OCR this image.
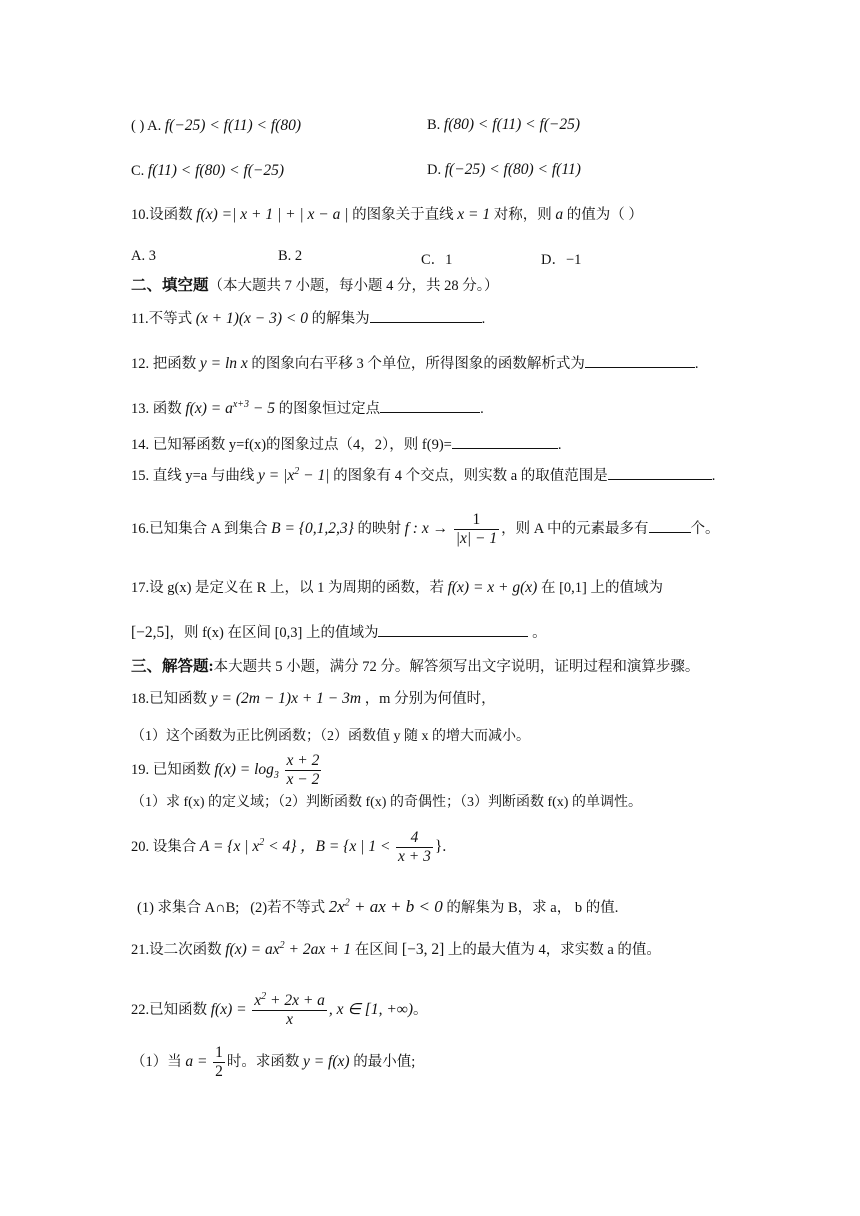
( ) A. f(−25) < f(11) < f(80)	B. f(80) < f(11) < f(−25)
C. f(11) < f(80) < f(−25)	D. f(−25) < f(80) < f(11)
10.设函数 f(x) =| x + 1 | + | x − a | 的图象关于直线 x = 1 对称，则 a 的值为（ ）
A. 3	B. 2	C．1	D．−1
二、填空题（本大题共 7 小题，每小题 4 分，共 28 分。）
11.不等式 (x + 1)(x − 3) < 0 的解集为	.
12. 把函数 y = ln x 的图象向右平移 3 个单位，所得图象的函数解析式为	.
13. 函数 $f(x) = a^{x+3} - 5$ 的图象恒过定点	.
14. 已知幂函数 y=f(x)的图象过点（4，2），则 f(9)=	.
15. 直线 y=a 与曲线 $y = |x^2 - 1|$ 的图象有 4 个交点，则实数 a 的取值范围是	.
16.已知集合 A 到集合 B = {0,1,2,3} 的映射 f : $x \to \frac{1}{|x| - 1}$ ，则 A 中的元素最多有	个。
17.设 g(x) 是定义在 R 上，以 1 为周期的函数，若 f(x) = x + g(x) 在 [0,1] 上的值域为
[−2,5]，则 f(x) 在区间 [0,3] 上的值域为	。
三、解答题:本大题共 5 小题，满分 72 分。解答须写出文字说明，证明过程和演算步骤。
18.已知函数 y = (2m − 1)x + 1 − 3m ，m 分别为何值时，
（1）这个函数为正比例函数；（2）函数值 y 随 x 的增大而减小。
19. 已知函数 $f(x) = \log_3 \frac{x + 2}{x - 2}$
（1）求 f(x) 的定义域；（2）判断函数 f(x) 的奇偶性；（3）判断函数 f(x) 的单调性。
20. 设集合 A = {x | $x^2 < 4$} ，B = {x | $1 < \frac{4}{x + 3}$ }.
(1) 求集合 A∩B; (2)若不等式 $2x^2$ + ax + b < 0 的解集为 B，求 a， b 的值.
21.设二次函数 $f(x) = ax^2 + 2ax + 1$ 在区间 [−3, 2] 上的最大值为 4，求实数 a 的值。
22.已知函数 $f(x) = \frac{x^2 + 2x + a}{x}$ , x ∈ [1, +∞)。
（1）当 $a = \frac{1}{2}$ 时。求函数 y = f(x) 的最小值;
